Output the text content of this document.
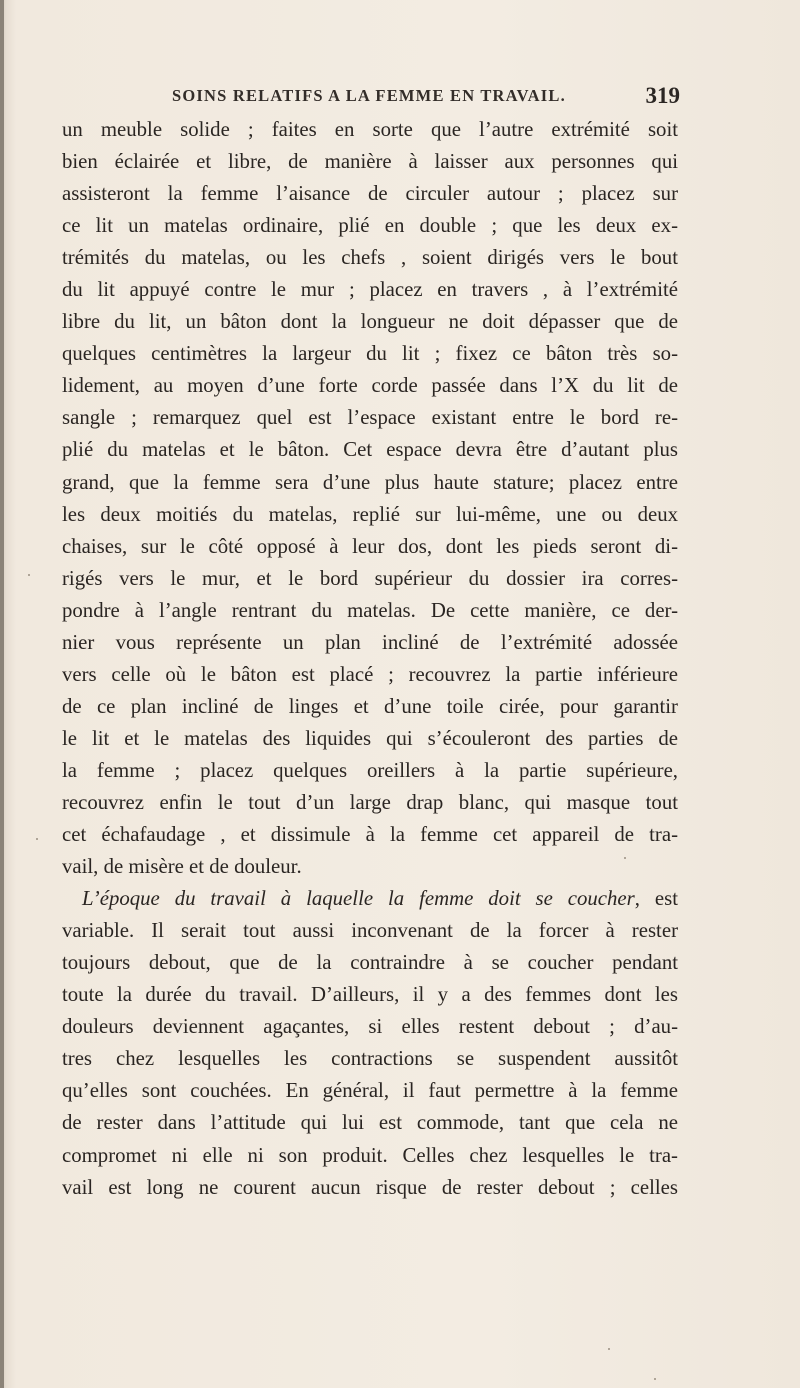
SOINS RELATIFS A LA FEMME EN TRAVAIL.	319
un meuble solide ; faites en sorte que l’autre extrémité soit
bien éclairée et libre, de manière à laisser aux personnes qui
assisteront la femme l’aisance de circuler autour ; placez sur
ce lit un matelas ordinaire, plié en double ; que les deux ex-
trémités du matelas, ou les chefs , soient dirigés vers le bout
du lit appuyé contre le mur ; placez en travers , à l’extrémité
libre du lit, un bâton dont la longueur ne doit dépasser que de
quelques centimètres la largeur du lit ; fixez ce bâton très so-
lidement, au moyen d’une forte corde passée dans l’X du lit de
sangle ; remarquez quel est l’espace existant entre le bord re-
plié du matelas et le bâton. Cet espace devra être d’autant plus
grand, que la femme sera d’une plus haute stature; placez entre
les deux moitiés du matelas, replié sur lui-même, une ou deux
chaises, sur le côté opposé à leur dos, dont les pieds seront di-
rigés vers le mur, et le bord supérieur du dossier ira corres-
pondre à l’angle rentrant du matelas. De cette manière, ce der-
nier vous représente un plan incliné de l’extrémité adossée
vers celle où le bâton est placé ; recouvrez la partie inférieure
de ce plan incliné de linges et d’une toile cirée, pour garantir
le lit et le matelas des liquides qui s’écouleront des parties de
la femme ; placez quelques oreillers à la partie supérieure,
recouvrez enfin le tout d’un large drap blanc, qui masque tout
cet échafaudage , et dissimule à la femme cet appareil de tra-
vail, de misère et de douleur.
L’époque du travail à laquelle la femme doit se coucher, est
variable. Il serait tout aussi inconvenant de la forcer à rester
toujours debout, que de la contraindre à se coucher pendant
toute la durée du travail. D’ailleurs, il y a des femmes dont les
douleurs deviennent agaçantes, si elles restent debout ; d’au-
tres chez lesquelles les contractions se suspendent aussitôt
qu’elles sont couchées. En général, il faut permettre à la femme
de rester dans l’attitude qui lui est commode, tant que cela ne
compromet ni elle ni son produit. Celles chez lesquelles le tra-
vail est long ne courent aucun risque de rester debout ; celles
